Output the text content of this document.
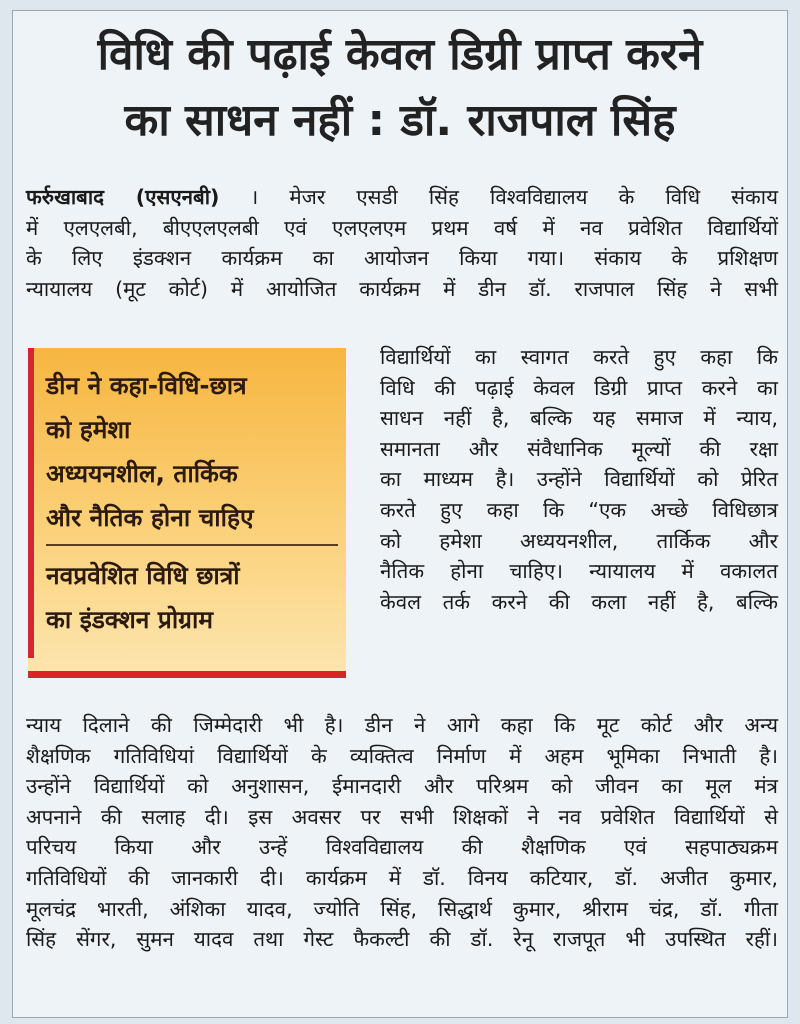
विधि की पढ़ाई केवल डिग्री प्राप्त करने
का साधन नहीं : डॉ. राजपाल सिंह
फर्रुखाबाद (एसएनबी) । मेजर एसडी सिंह विश्वविद्यालय के विधि संकाय
में एलएलबी, बीएएलएलबी एवं एलएलएम प्रथम वर्ष में नव प्रवेशित विद्यार्थियों
के लिए इंडक्शन कार्यक्रम का आयोजन किया गया। संकाय के प्रशिक्षण
न्यायालय (मूट कोर्ट) में आयोजित कार्यक्रम में डीन डॉ. राजपाल सिंह ने सभी

डीन ने कहा-विधि-छात्र
को हमेशा
अध्ययनशील, तार्किक
और नैतिक होना चाहिए

नवप्रवेशित विधि छात्रों
का इंडक्शन प्रोग्राम

विद्यार्थियों का स्वागत करते हुए कहा कि
विधि की पढ़ाई केवल डिग्री प्राप्त करने का
साधन नहीं है, बल्कि यह समाज में न्याय,
समानता और संवैधानिक मूल्यों की रक्षा
का माध्यम है। उन्होंने विद्यार्थियों को प्रेरित
करते हुए कहा कि “एक अच्छे विधिछात्र
को हमेशा अध्ययनशील, तार्किक और
नैतिक होना चाहिए। न्यायालय में वकालत
केवल तर्क करने की कला नहीं है, बल्कि
न्याय दिलाने की जिम्मेदारी भी है। डीन ने आगे कहा कि मूट कोर्ट और अन्य
शैक्षणिक गतिविधियां विद्यार्थियों के व्यक्तित्व निर्माण में अहम भूमिका निभाती है।
उन्होंने विद्यार्थियों को अनुशासन, ईमानदारी और परिश्रम को जीवन का मूल मंत्र
अपनाने की सलाह दी। इस अवसर पर सभी शिक्षकों ने नव प्रवेशित विद्यार्थियों से
परिचय किया और उन्हें विश्वविद्यालय की शैक्षणिक एवं सहपाठ्यक्रम
गतिविधियों की जानकारी दी। कार्यक्रम में डॉ. विनय कटियार, डॉ. अजीत कुमार,
मूलचंद्र भारती, अंशिका यादव, ज्योति सिंह, सिद्धार्थ कुमार, श्रीराम चंद्र, डॉ. गीता
सिंह सेंगर, सुमन यादव तथा गेस्ट फैकल्टी की डॉ. रेनू राजपूत भी उपस्थित रहीं।
